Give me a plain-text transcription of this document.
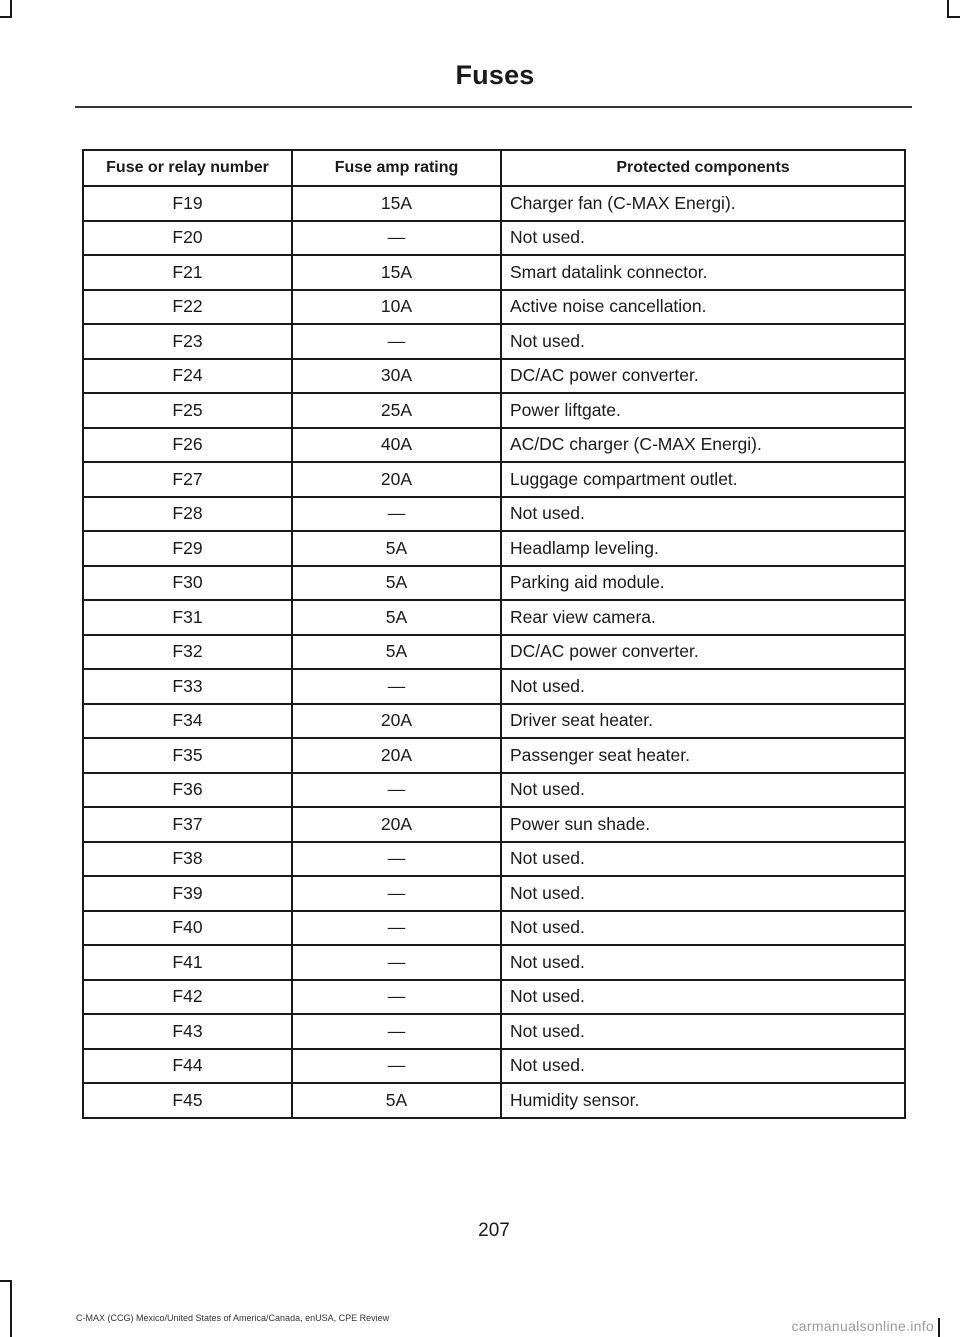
Fuses
Fuse or relay number	Fuse amp rating	Protected components
F19	15A	Charger fan (C-MAX Energi).
F20	—	Not used.
F21	15A	Smart datalink connector.
F22	10A	Active noise cancellation.
F23	—	Not used.
F24	30A	DC/AC power converter.
F25	25A	Power liftgate.
F26	40A	AC/DC charger (C-MAX Energi).
F27	20A	Luggage compartment outlet.
F28	—	Not used.
F29	5A	Headlamp leveling.
F30	5A	Parking aid module.
F31	5A	Rear view camera.
F32	5A	DC/AC power converter.
F33	—	Not used.
F34	20A	Driver seat heater.
F35	20A	Passenger seat heater.
F36	—	Not used.
F37	20A	Power sun shade.
F38	—	Not used.
F39	—	Not used.
F40	—	Not used.
F41	—	Not used.
F42	—	Not used.
F43	—	Not used.
F44	—	Not used.
F45	5A	Humidity sensor.
207
C-MAX (CCG) Mexico/United States of America/Canada, enUSA, CPE Review	carmanualsonline.info
